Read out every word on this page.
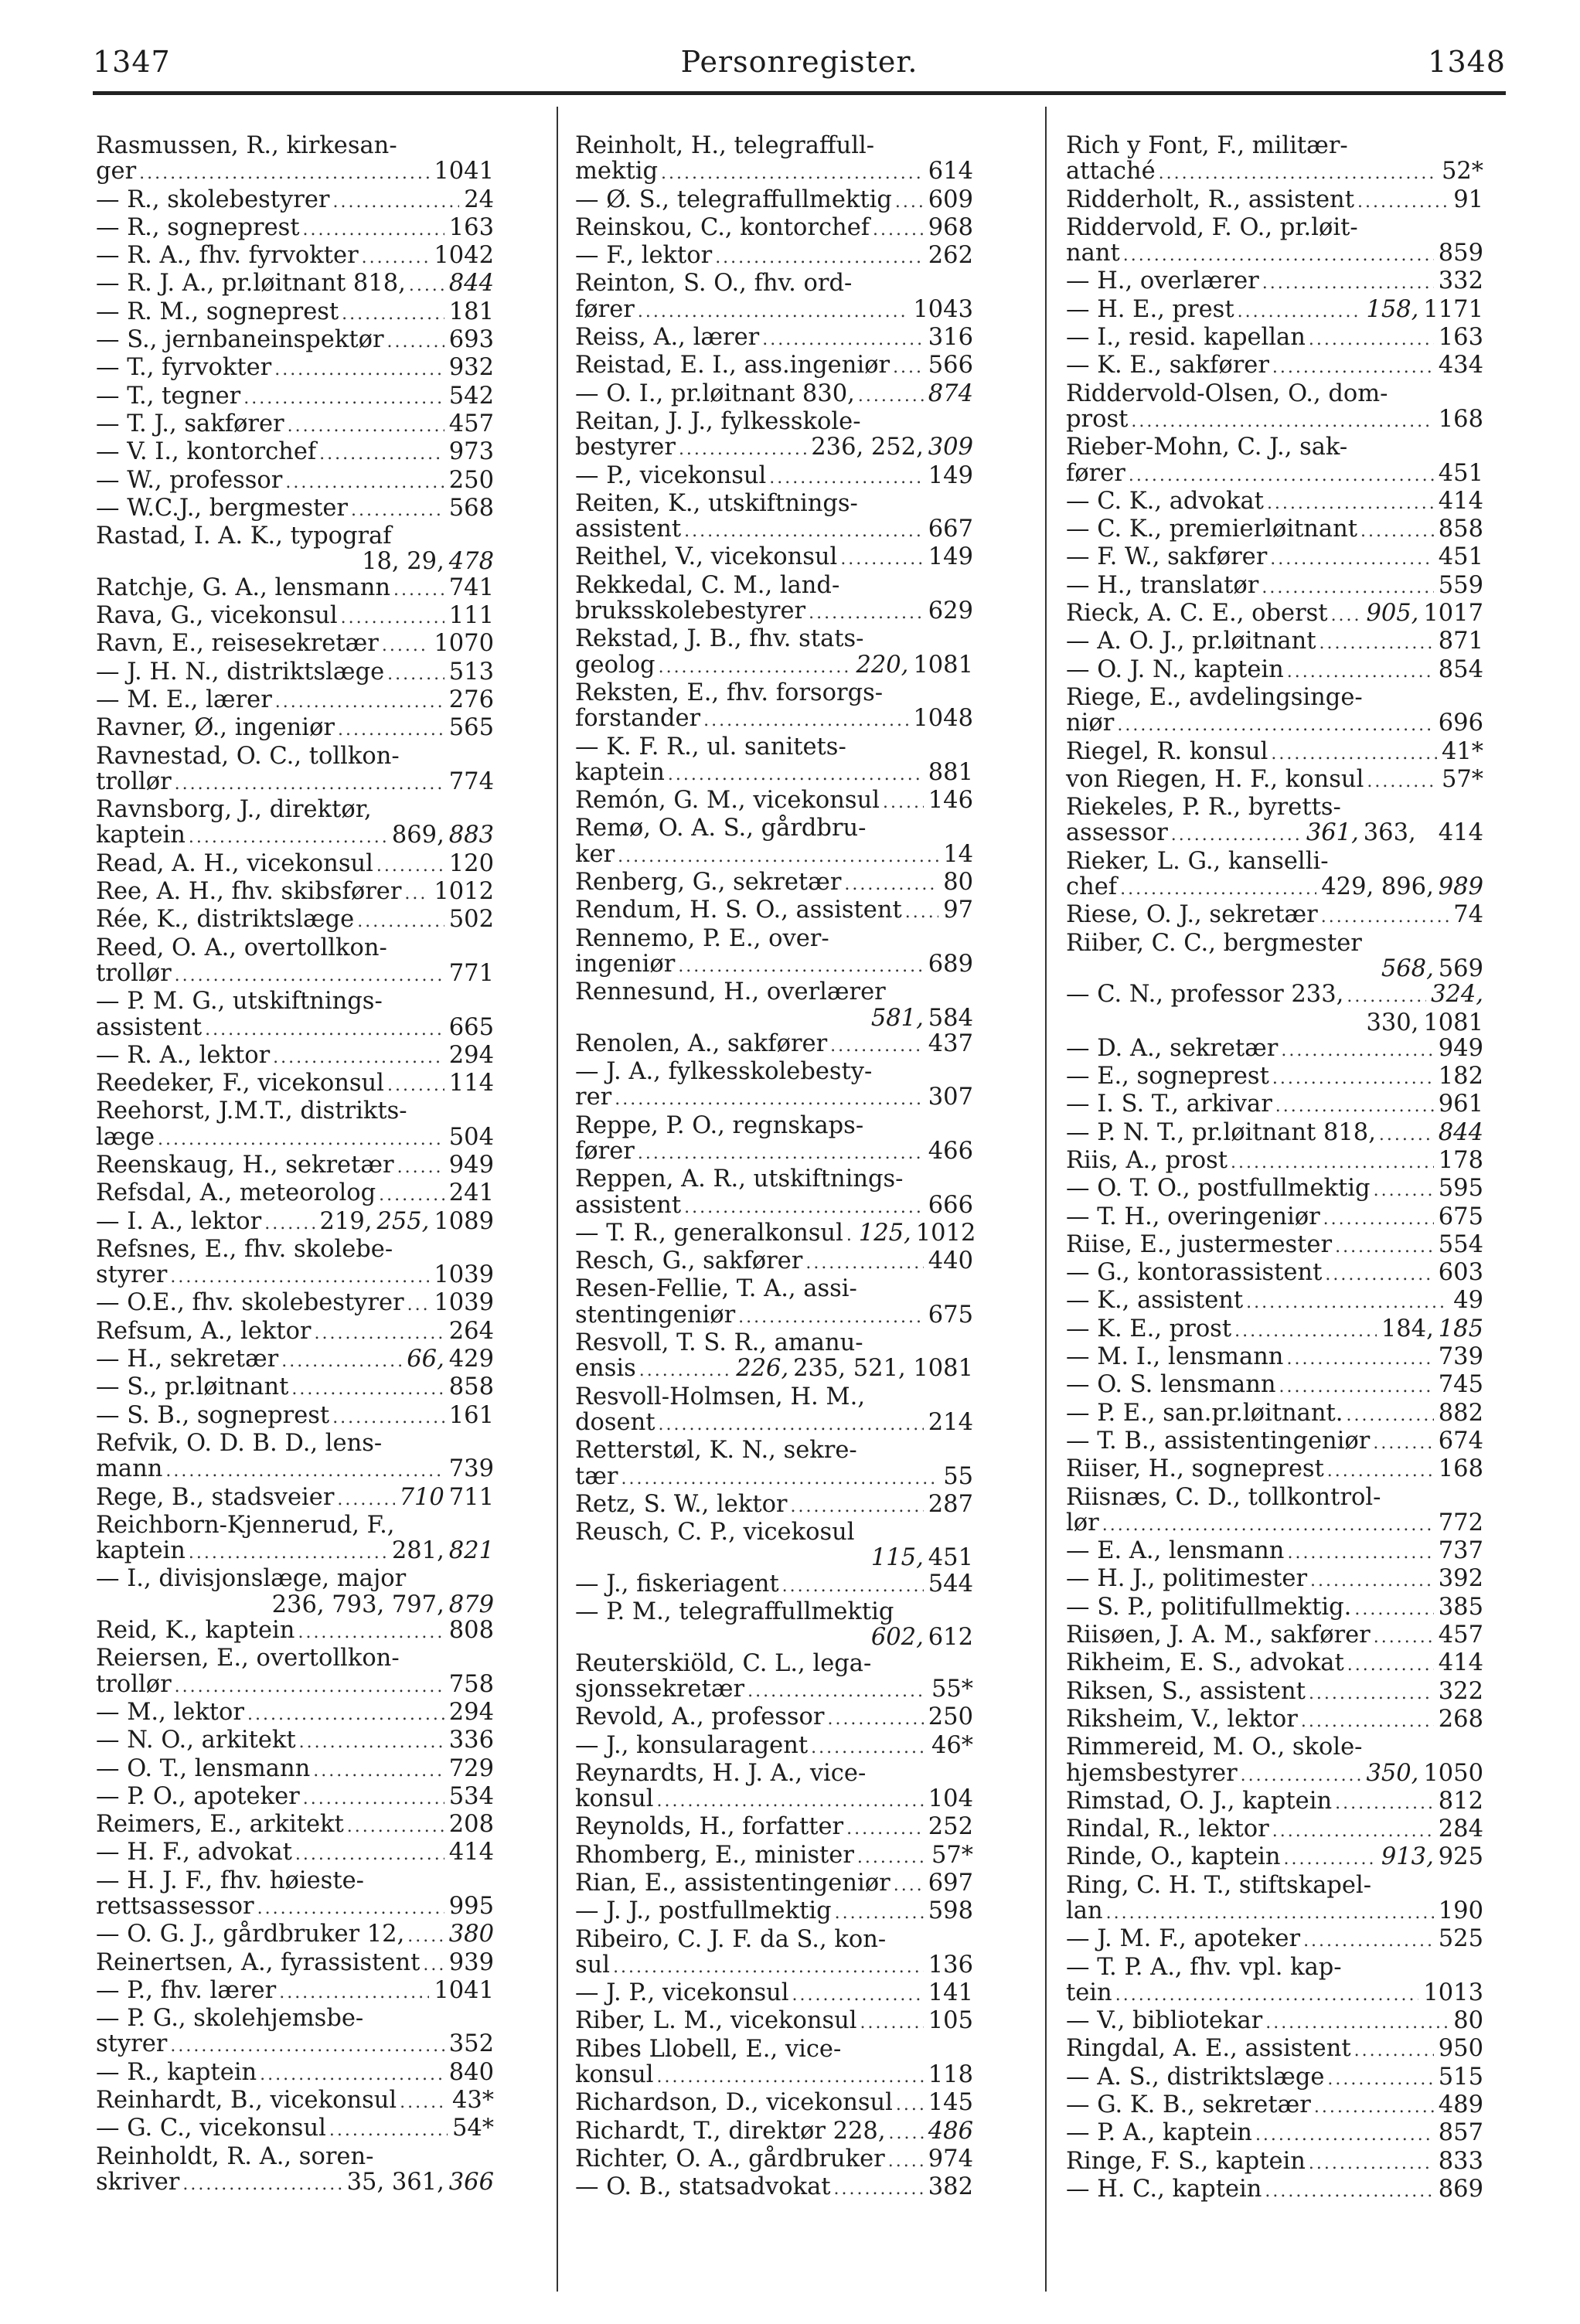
1347	Personregister.	1348
Rasmussen, R., kirkesan-
ger .....	1041
— R., skolebestyrer .....	24
— R., sogneprest .....	163
— R. A., fhv. fyrvokter .....	1042
— R. J. A., pr.løitnant 818, ..... 844
— R. M., sogneprest .....	181
— S., jernbaneinspektør .....	693
— T., fyrvokter .....	932
— T., tegner .....	542
— T. J., sakfører .....	457
— V. I., kontorchef .....	973
— W., professor .....	250
— W.C.J., bergmester .....	568
Rastad, I. A. K., typograf
18, 29, 478
Ratchje, G. A., lensmann ..... 741
Rava, G., vicekonsul .....	111
Ravn, E., reisesekretær ..... 1070
— J. H. N., distriktslæge .....	513
— M. E., lærer .....	276
Ravner, Ø., ingeniør .....	565
Ravnestad, O. C., tollkon-
trollør .....	774
Ravnsborg, J., direktør,
kaptein .....	869, 883
Read, A. H., vicekonsul .....	120
Ree, A. H., fhv. skibsfører ..... 1012
Rée, K., distriktslæge .....	502
Reed, O. A., overtollkon-
trollør .....	771
— P. M. G., utskiftnings-
assistent .....	665
— R. A., lektor .....	294
Reedeker, F., vicekonsul .....	114
Reehorst, J.M.T., distrikts-
læge .....	504
Reenskaug, H., sekretær ..... 949
Refsdal, A., meteorolog .....	241
— I. A., lektor ..... 219, 255, 1089
Refsnes, E., fhv. skolebe-
styrer .....	1039
— O.E., fhv. skolebestyrer ..... 1039
Refsum, A., lektor .....	264
— H., sekretær .....	66, 429
— S., pr.løitnant .....	858
— S. B., sogneprest .....	161
Refvik, O. D. B. D., lens-
mann .....	739
Rege, B., stadsveier .....	710 711
Reichborn-Kjennerud, F.,
kaptein .....	281, 821
— I., divisjonslæge, major
236, 793, 797, 879
Reid, K., kaptein .....	808
Reiersen, E., overtollkon-
trollør .....	758
— M., lektor .....	294
— N. O., arkitekt .....	336
— O. T., lensmann .....	729
— P. O., apoteker .....	534
Reimers, E., arkitekt .....	208
— H. F., advokat .....	414
— H. J. F., fhv. høieste-
rettsassessor .....	995
— O. G. J., gårdbruker 12, ..... 380
Reinertsen, A., fyrassistent ..... 939
— P., fhv. lærer .....	1041
— P. G., skolehjemsbe-
styrer .....	352
— R., kaptein .....	840
Reinhardt, B., vicekonsul ..... 43*
— G. C., vicekonsul .....	54*
Reinholdt, R. A., soren-
skriver .....	35, 361, 366
Reinholt, H., telegraffull-
mektig .....	614
— Ø. S., telegraffullmektig ..... 609
Reinskou, C., kontorchef ..... 968
— F., lektor .....	262
Reinton, S. O., fhv. ord-
fører .....	1043
Reiss, A., lærer .....	316
Reistad, E. I., ass.ingeniør ..... 566
— O. I., pr.løitnant 830, .....	874
Reitan, J. J., fylkesskole-
bestyrer .....	236, 252, 309
— P., vicekonsul .....	149
Reiten, K., utskiftnings-
assistent .....	667
Reithel, V., vicekonsul .....	149
Rekkedal, C. M., land-
bruksskolebestyrer .....	629
Rekstad, J. B., fhv. stats-
geolog .....	220, 1081
Reksten, E., fhv. forsorgs-
forstander .....	1048
— K. F. R., ul. sanitets-
kaptein .....	881
Remón, G. M., vicekonsul ..... 146
Remø, O. A. S., gårdbru-
ker .....	14
Renberg, G., sekretær .....	80
Rendum, H. S. O., assistent ..... 97
Rennemo, P. E., over-
ingeniør .....	689
Rennesund, H., overlærer
581, 584
Renolen, A., sakfører .....	437
— J. A., fylkesskolebesty-
rer .....	307
Reppe, P. O., regnskaps-
fører .....	466
Reppen, A. R., utskiftnings-
assistent .....	666
— T. R., generalkonsul ..... 125, 1012
Resch, G., sakfører .....	440
Resen-Fellie, T. A., assi-
stentingeniør .....	675
Resvoll, T. S. R., amanu-
ensis .....	226, 235, 521, 1081
Resvoll-Holmsen, H. M.,
dosent .....	214
Retterstøl, K. N., sekre-
tær .....	55
Retz, S. W., lektor .....	287
Reusch, C. P., vicekosul
115, 451
— J., fiskeriagent .....	544
— P. M., telegraffullmektig
602, 612
Reuterskiöld, C. L., lega-
sjonssekretær .....	55*
Revold, A., professor .....	250
— J., konsularagent .....	46*
Reynardts, H. J. A., vice-
konsul .....	104
Reynolds, H., forfatter .....	252
Rhomberg, E., minister .....	57*
Rian, E., assistentingeniør ..... 697
— J. J., postfullmektig .....	598
Ribeiro, C. J. F. da S., kon-
sul .....	136
— J. P., vicekonsul .....	141
Riber, L. M., vicekonsul .....	105
Ribes Llobell, E., vice-
konsul .....	118
Richardson, D., vicekonsul ..... 145
Richardt, T., direktør 228, ..... 486
Richter, O. A., gårdbruker ..... 974
— O. B., statsadvokat .....	382
Rich y Font, F., militær-
attaché .....	52*
Ridderholt, R., assistent .....	91
Riddervold, F. O., pr.løit-
nant .....	859
— H., overlærer .....	332
— H. E., prest .....	158, 1171
— I., resid. kapellan .....	163
— K. E., sakfører .....	434
Riddervold-Olsen, O., dom-
prost .....	168
Rieber-Mohn, C. J., sak-
fører .....	451
— C. K., advokat .....	414
— C. K., premierløitnant .....	858
— F. W., sakfører .....	451
— H., translatør .....	559
Rieck, A. C. E., oberst ..... 905, 1017
— A. O. J., pr.løitnant .....	871
— O. J. N., kaptein .....	854
Riege, E., avdelingsinge-
niør .....	696
Riegel, R. konsul .....	41*
von Riegen, H. F., konsul .....	57*
Riekeles, P. R., byretts-
assessor .....	361, 363,   414
Rieker, L. G., kanselli-
chef .....	429, 896, 989
Riese, O. J., sekretær .....	74
Riiber, C. C., bergmester
568, 569
— C. N., professor 233, .....	324,
330, 1081
— D. A., sekretær .....	949
— E., sogneprest .....	182
— I. S. T., arkivar .....	961
— P. N. T., pr.løitnant 818, .....	844
Riis, A., prost .....	178
— O. T. O., postfullmektig .....	595
— T. H., overingeniør .....	675
Riise, E., justermester .....	554
— G., kontorassistent .....	603
— K., assistent .....	49
— K. E., prost .....	184, 185
— M. I., lensmann .....	739
— O. S. lensmann .....	745
— P. E., san.pr.løitnant. .....	882
— T. B., assistentingeniør .....	674
Riiser, H., sogneprest .....	168
Riisnæs, C. D., tollkontrol-
lør .....	772
— E. A., lensmann .....	737
— H. J., politimester .....	392
— S. P., politifullmektig. .....	385
Riisøen, J. A. M., sakfører .....	457
Rikheim, E. S., advokat .....	414
Riksen, S., assistent .....	322
Riksheim, V., lektor .....	268
Rimmereid, M. O., skole-
hjemsbestyrer .....	350, 1050
Rimstad, O. J., kaptein .....	812
Rindal, R., lektor .....	284
Rinde, O., kaptein .....	913, 925
Ring, C. H. T., stiftskapel-
lan .....	190
— J. M. F., apoteker .....	525
— T. P. A., fhv. vpl. kap-
tein .....	1013
— V., bibliotekar .....	80
Ringdal, A. E., assistent .....	950
— A. S., distriktslæge .....	515
— G. K. B., sekretær .....	489
— P. A., kaptein .....	857
Ringe, F. S., kaptein .....	833
— H. C., kaptein .....	869
